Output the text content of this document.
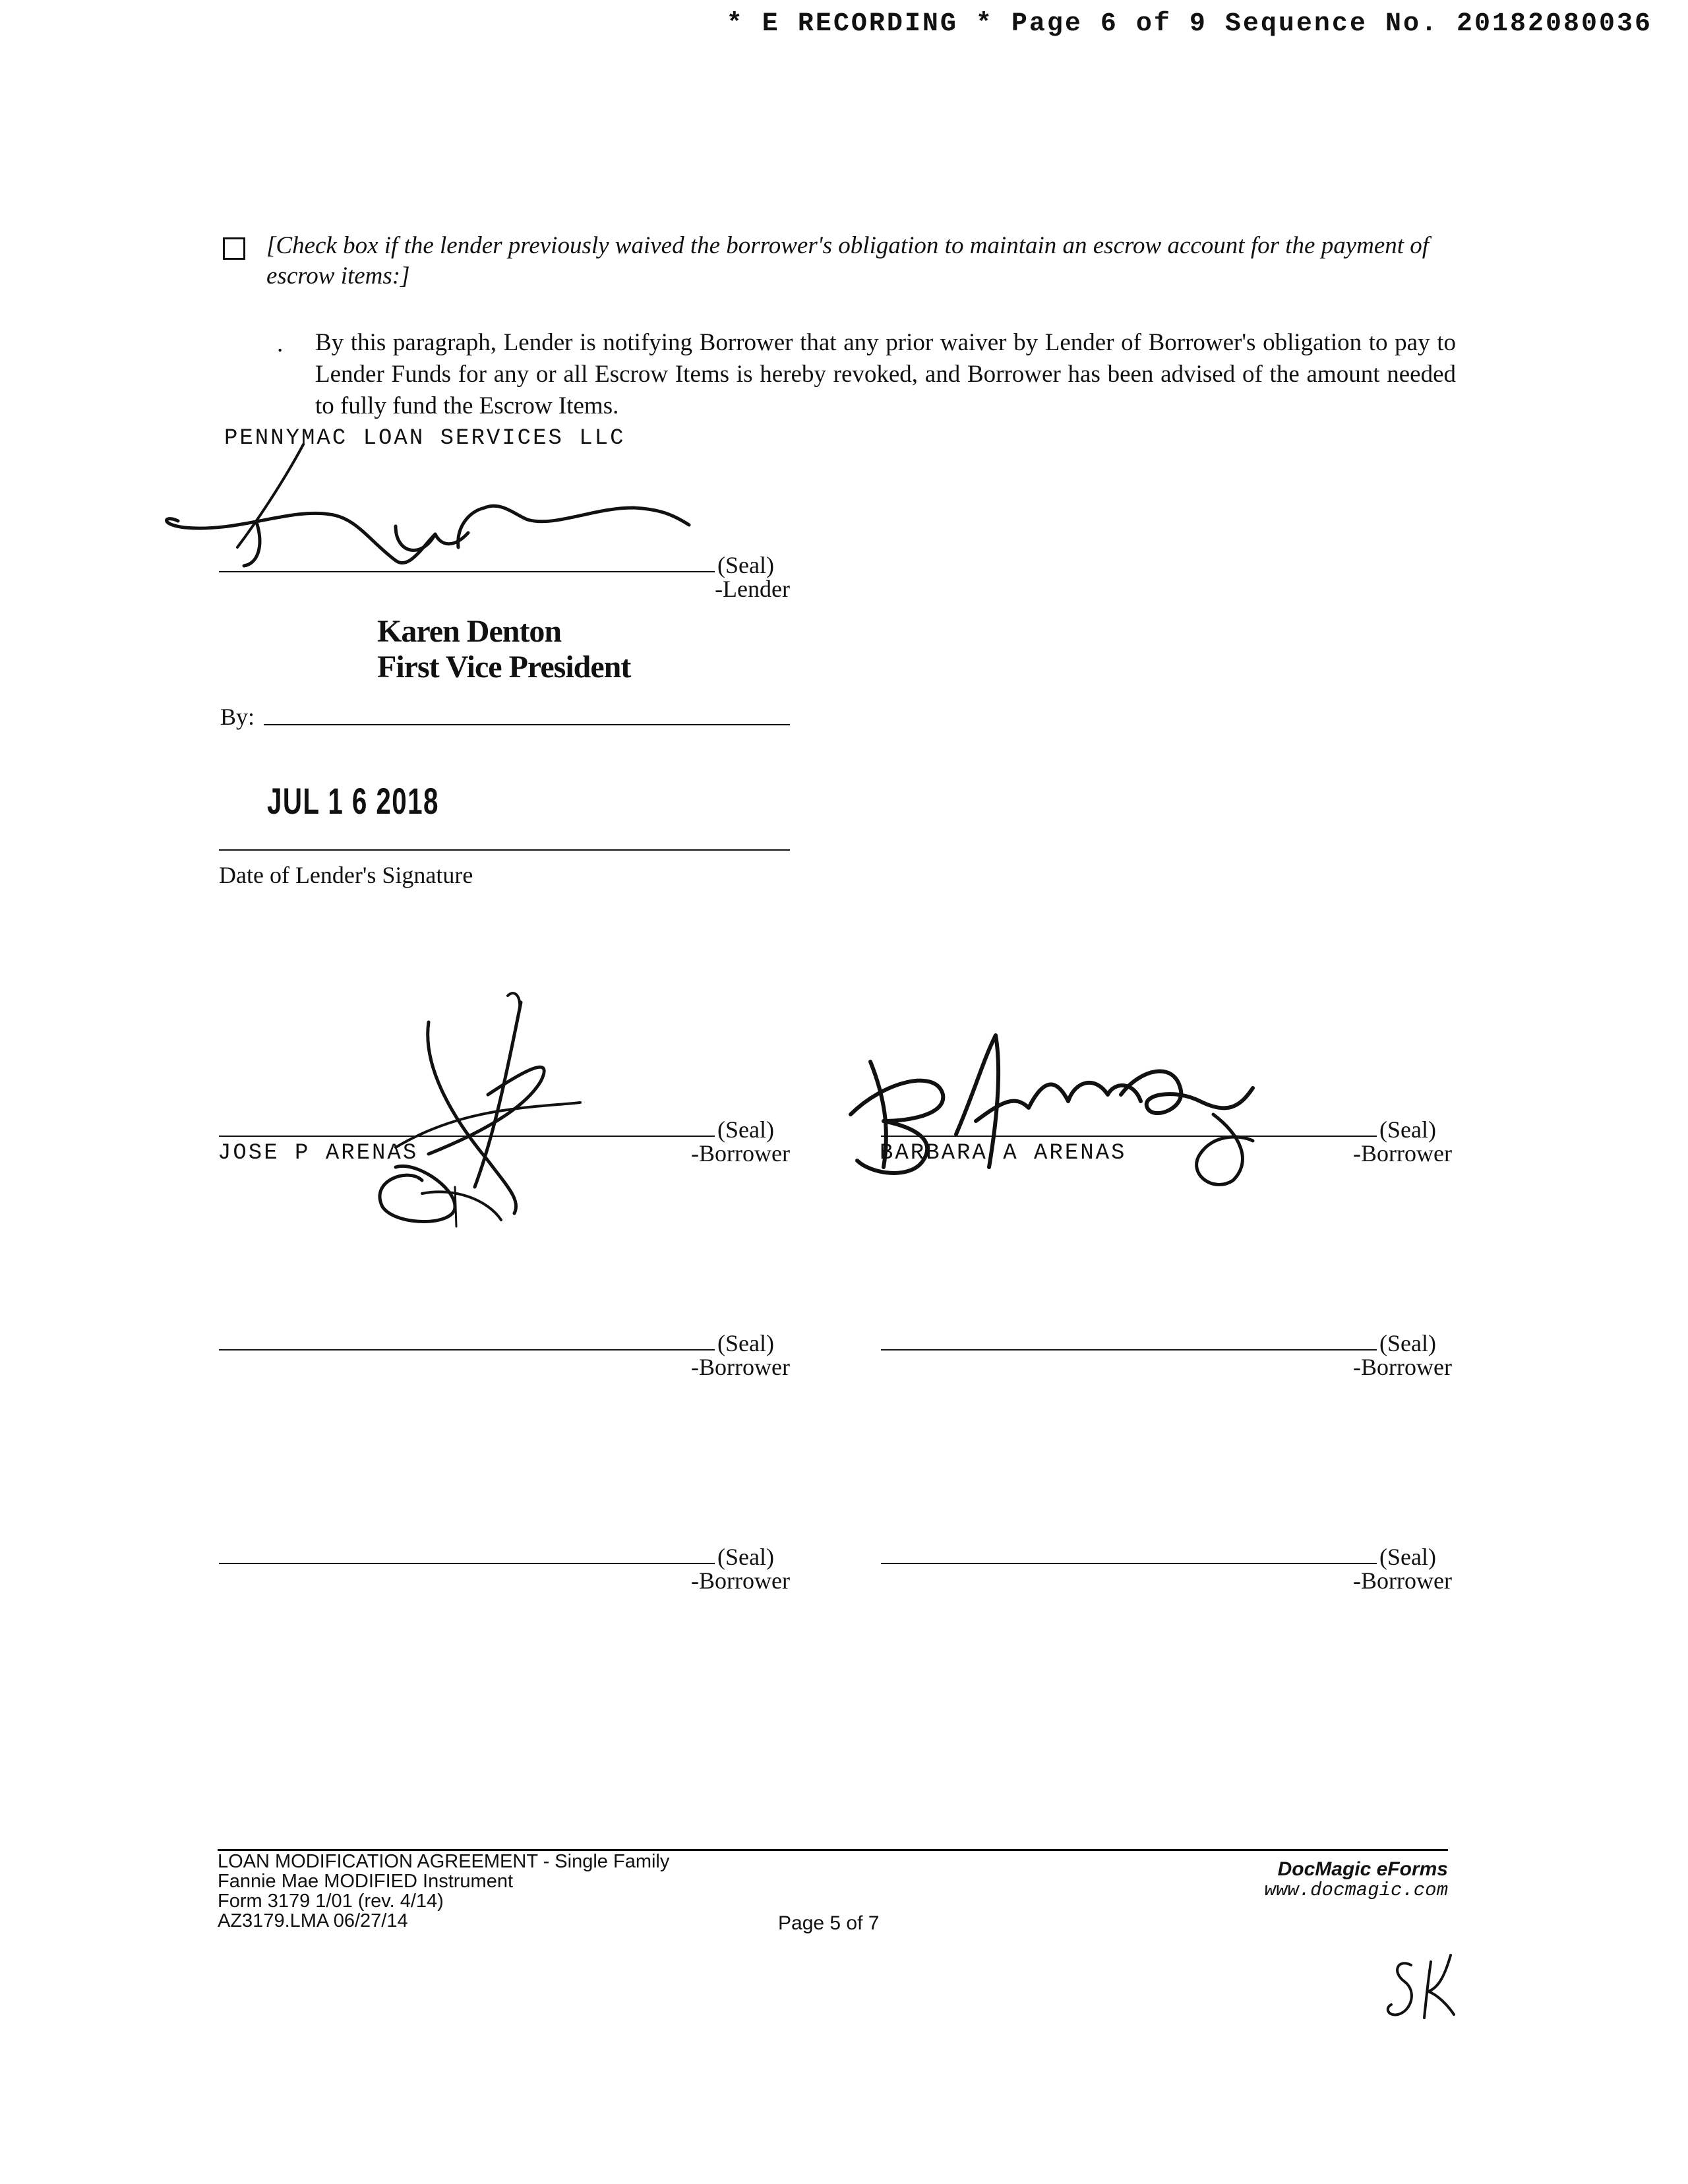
* E RECORDING * Page 6 of 9 Sequence No. 20182080036
[Check box if the lender previously waived the borrower's obligation to maintain an escrow account for the payment of escrow items:]
. By this paragraph, Lender is notifying Borrower that any prior waiver by Lender of Borrower's obligation to pay to Lender Funds for any or all Escrow Items is hereby revoked, and Borrower has been advised of the amount needed to fully fund the Escrow Items.
PENNYMAC LOAN SERVICES LLC
(Seal)
-Lender
Karen Denton
First Vice President
By:
JUL 1 6 2018
Date of Lender's Signature
(Seal)
JOSE P ARENAS	-Borrower
(Seal)
BARBARA A ARENAS	-Borrower
(Seal)
-Borrower
(Seal)
-Borrower
(Seal)
-Borrower
(Seal)
-Borrower
LOAN MODIFICATION AGREEMENT - Single Family
Fannie Mae MODIFIED Instrument
Form 3179 1/01 (rev. 4/14)
AZ3179.LMA 06/27/14	Page 5 of 7
DocMagic eForms
www.docmagic.com
